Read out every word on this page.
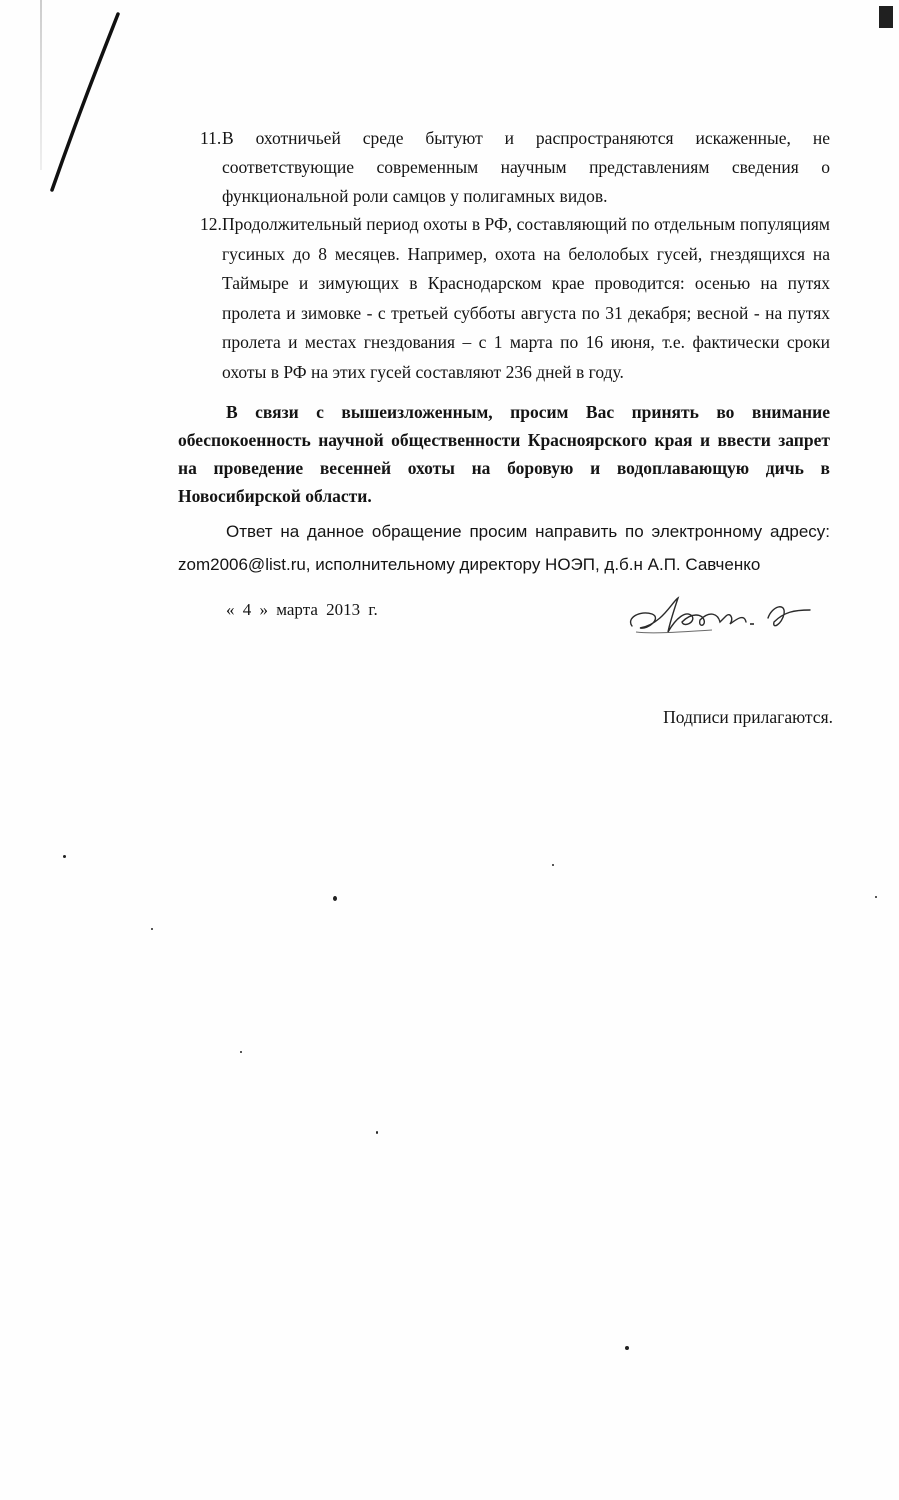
11. В охотничьей среде бытуют и распространяются искаженные, не соответствующие современным научным представлениям сведения о функциональной роли самцов у полигамных видов.
12. Продолжительный период охоты в РФ, составляющий по отдельным популяциям гусиных до 8 месяцев. Например, охота на белолобых гусей, гнездящихся на Таймыре и зимующих в Краснодарском крае проводится: осенью на путях пролета и зимовке - с третьей субботы августа по 31 декабря; весной - на путях пролета и местах гнездования – с 1 марта по 16 июня, т.е. фактически сроки охоты в РФ на этих гусей составляют 236 дней в году.
В связи с вышеизложенным, просим Вас принять во внимание обеспокоенность научной общественности Красноярского края и ввести запрет на проведение весенней охоты на боровую и водоплавающую дичь в Новосибирской области.
Ответ на данное обращение просим направить по электронному адресу: zom2006@list.ru, исполнительному директору НОЭП, д.б.н А.П. Савченко
« 4 » марта 2013 г.
Подписи прилагаются.
